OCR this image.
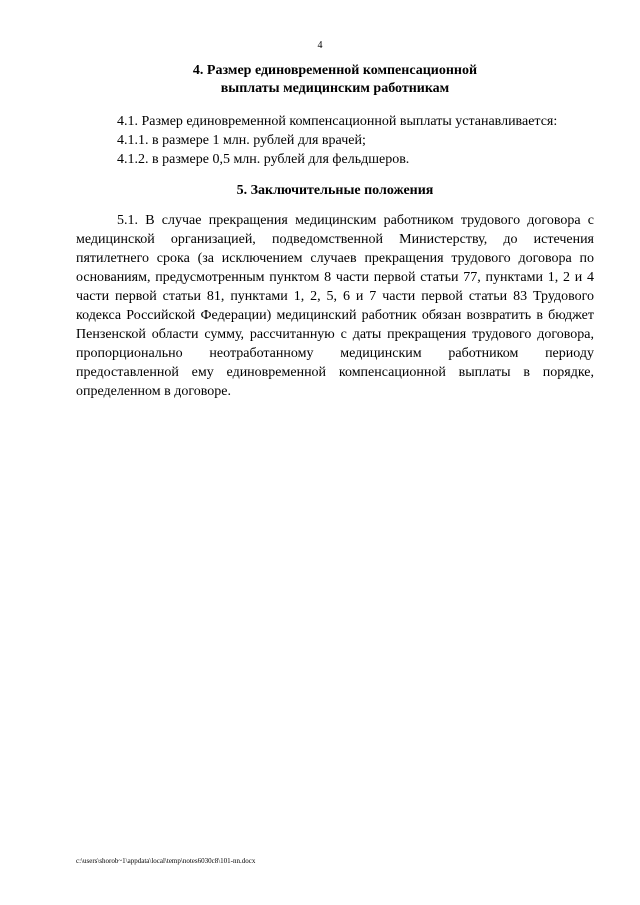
4
4. Размер единовременной компенсационной
выплаты медицинским работникам
4.1. Размер единовременной компенсационной выплаты устанавливается:
4.1.1. в размере 1 млн. рублей для врачей;
4.1.2. в размере 0,5 млн. рублей для фельдшеров.
5. Заключительные положения
5.1. В случае прекращения медицинским работником трудового договора с медицинской организацией, подведомственной Министерству, до истечения пятилетнего срока (за исключением случаев прекращения трудового договора по основаниям, предусмотренным пунктом 8 части первой статьи 77, пунктами 1, 2 и 4 части первой статьи 81, пунктами 1, 2, 5, 6 и 7 части первой статьи 83 Трудового кодекса Российской Федерации) медицинский работник обязан возвратить в бюджет Пензенской области сумму, рассчитанную с даты прекращения трудового договора, пропорционально неотработанному медицинским работником периоду предоставленной ему единовременной компенсационной выплаты в порядке, определенном в договоре.
c:\users\shorob~1\appdata\local\temp\notes6030c8\101-nn.docx
